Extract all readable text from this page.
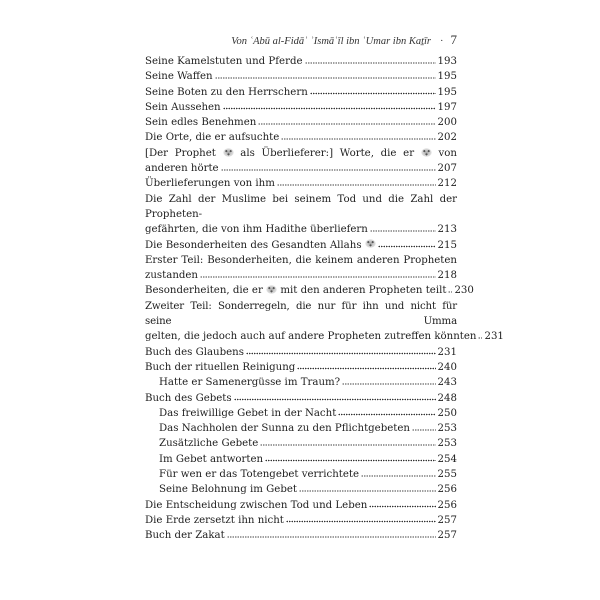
Von ʿAbū al-Fidāʾ ʾIsmāʿīl ibn ʿUmar ibn Kaṯīr · 7
Seine Kamelstuten und Pferde	193
Seine Waffen	195
Seine Boten zu den Herrschern	195
Sein Aussehen	197
Sein edles Benehmen	200
Die Orte, die er aufsuchte	202
[Der Prophet als Überlieferer:] Worte, die er von
anderen hörte	207
Überlieferungen von ihm	212
Die Zahl der Muslime bei seinem Tod und die Zahl der Propheten-
gefährten, die von ihm Hadithe überliefern	213
Die Besonderheiten des Gesandten Allahs	215
Erster Teil: Besonderheiten, die keinem anderen Propheten
zustanden	218
Besonderheiten, die er mit den anderen Propheten teilt 230
Zweiter Teil: Sonderregeln, die nur für ihn und nicht für seine Umma
gelten, die jedoch auch auf andere Propheten zutreffen könnten 231
Buch des Glaubens	231
Buch der rituellen Reinigung	240
Hatte er Samenergüsse im Traum?	243
Buch des Gebets	248
Das freiwillige Gebet in der Nacht	250
Das Nachholen der Sunna zu den Pflichtgebeten	253
Zusätzliche Gebete	253
Im Gebet antworten	254
Für wen er das Totengebet verrichtete	255
Seine Belohnung im Gebet	256
Die Entscheidung zwischen Tod und Leben	256
Die Erde zersetzt ihn nicht	257
Buch der Zakat	257
